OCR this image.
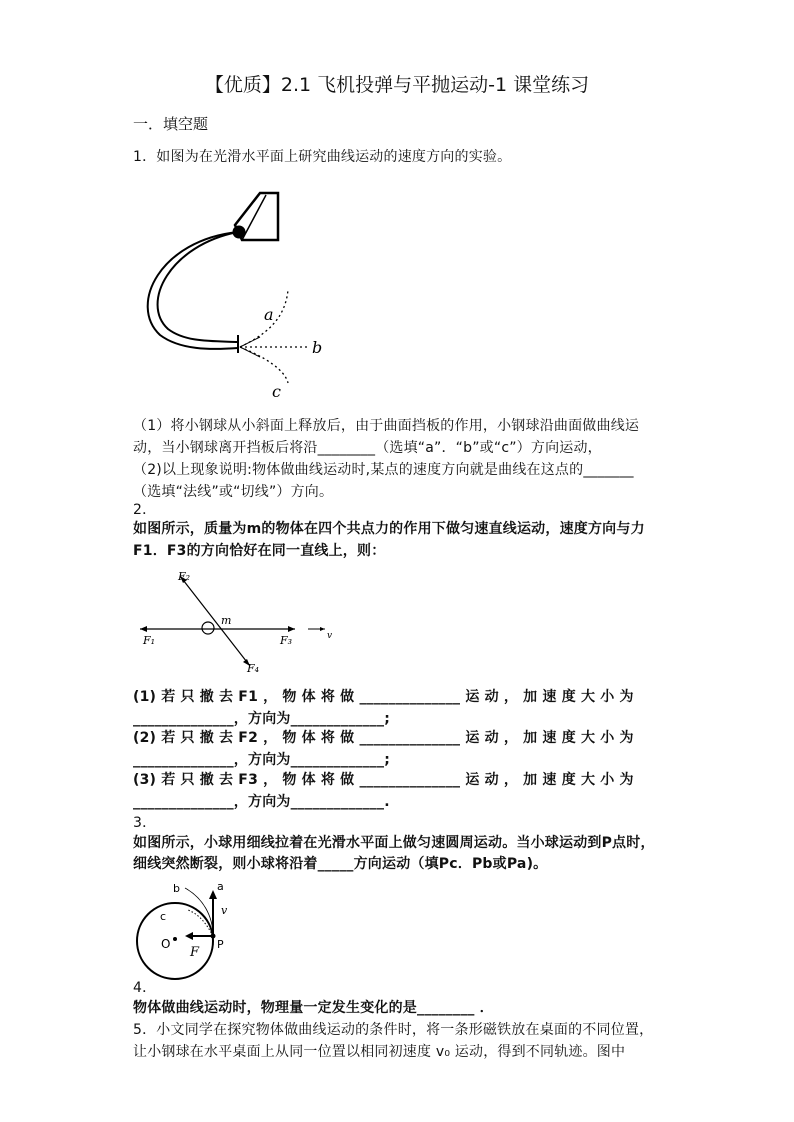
【优质】2.1 飞机投弹与平抛运动-1 课堂练习
一．填空题
1．如图为在光滑水平面上研究曲线运动的速度方向的实验。
a
b
c
（1）将小钢球从小斜面上释放后，由于曲面挡板的作用，小钢球沿曲面做曲线运
动，当小钢球离开挡板后将沿________（选填“a”．“b”或“c”）方向运动，
（2)以上现象说明:物体做曲线运动时,某点的速度方向就是曲线在这点的_______
（选填“法线”或“切线”）方向。
2．
如图所示，质量为m的物体在四个共点力的作用下做匀速直线运动，速度方向与力
F1．F3的方向恰好在同一直线上，则：
F₂
m
F₁	F₃
F₄
v
(1) 若 只 撤 去 F1 ， 物 体 将 做 ______________ 运 动 ， 加 速 度 大 小 为
______________，方向为_____________;
(2) 若 只 撤 去 F2 ， 物 体 将 做 ______________ 运 动 ， 加 速 度 大 小 为
______________，方向为_____________;
(3) 若 只 撤 去 F3 ， 物 体 将 做 ______________ 运 动 ， 加 速 度 大 小 为
______________，方向为_____________.
3．
如图所示，小球用细线拉着在光滑水平面上做匀速圆周运动。当小球运动到P点时，
细线突然断裂，则小球将沿着_____方向运动（填Pc．Pb或Pa)。
a
b
c	v
O
F
P
4．
物体做曲线运动时，物理量一定发生变化的是________ ．
5．小文同学在探究物体做曲线运动的条件时，将一条形磁铁放在桌面的不同位置，
让小钢球在水平桌面上从同一位置以相同初速度 v₀ 运动，得到不同轨迹。图中
